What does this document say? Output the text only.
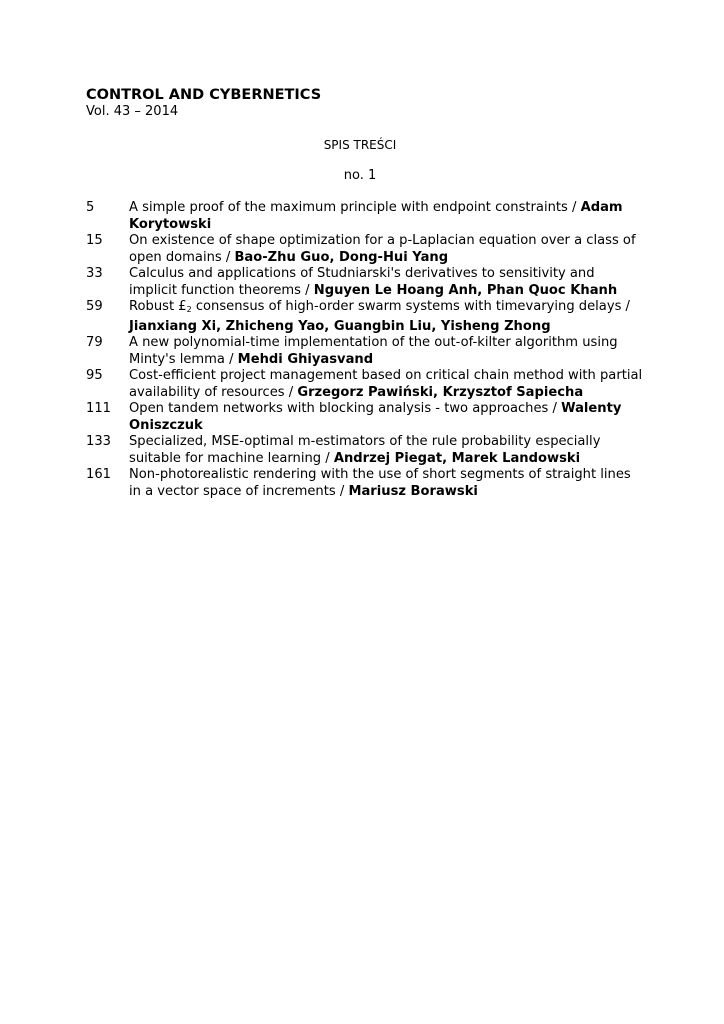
CONTROL AND CYBERNETICS
Vol. 43 – 2014
SPIS TREŚCI
no. 1
5	A simple proof of the maximum principle with endpoint constraints / Adam Korytowski
15	On existence of shape optimization for a p-Laplacian equation over a class of open domains / Bao-Zhu Guo, Dong-Hui Yang
33	Calculus and applications of Studniarski's derivatives to sensitivity and implicit function theorems / Nguyen Le Hoang Anh, Phan Quoc Khanh
59	Robust £2 consensus of high-order swarm systems with timevarying delays / Jianxiang Xi, Zhicheng Yao, Guangbin Liu, Yisheng Zhong
79	A new polynomial-time implementation of the out-of-kilter algorithm using Minty's lemma / Mehdi Ghiyasvand
95	Cost-efficient project management based on critical chain method with partial availability of resources / Grzegorz Pawiński, Krzysztof Sapiecha
111	Open tandem networks with blocking analysis - two approaches / Walenty Oniszczuk
133	Specialized, MSE-optimal m-estimators of the rule probability especially suitable for machine learning / Andrzej Piegat, Marek Landowski
161	Non-photorealistic rendering with the use of short segments of straight lines in a vector space of increments / Mariusz Borawski
